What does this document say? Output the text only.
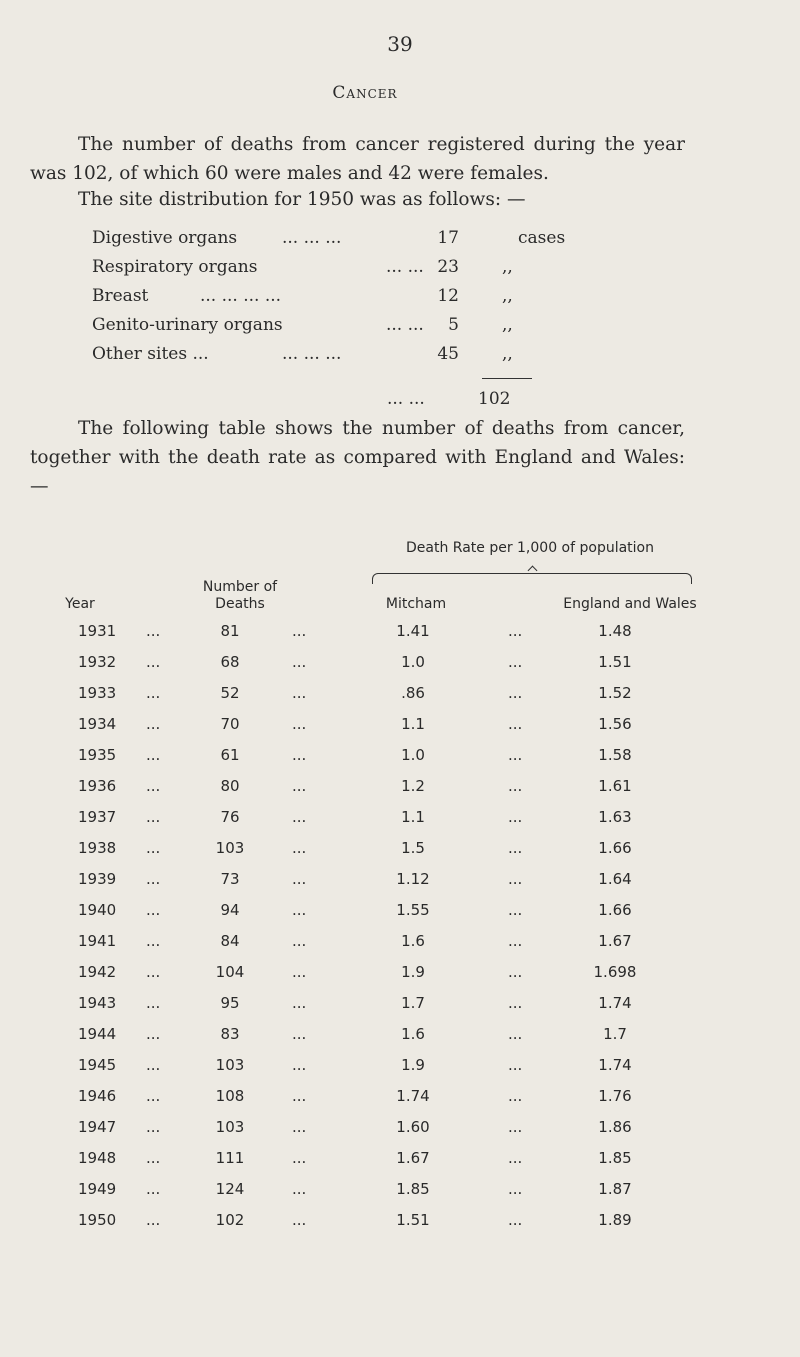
39
Cancer
The number of deaths from cancer registered during the year was 102, of which 60 were males and 42 were females.
The site distribution for 1950 was as follows: —
Digestive organs	... ... ...	17	cases
Respiratory organs	... ... 23	,,
Breast	... ... ... ...	12	,,
Genito-urinary organs	... ... 5	,,
Other sites ...	... ... ...	45	,,
... ...	102
The following table shows the number of deaths from cancer, together with the death rate as compared with England and Wales: —
Death Rate per 1,000 of population
Year
Number of Deaths	Mitcham	England and Wales
1931 ...	81	...	1.41	...	1.48
1932 ...	68	...	1.0	...	1.51
1933 ...	52	...	.86	...	1.52
1934 ...	70	...	1.1	...	1.56
1935 ...	61	...	1.0	...	1.58
1936 ...	80	...	1.2	...	1.61
1937 ...	76	...	1.1	...	1.63
1938 ...	103	...	1.5	...	1.66
1939 ...	73	...	1.12	...	1.64
1940 ...	94	...	1.55	...	1.66
1941 ...	84	...	1.6	...	1.67
1942 ...	104	...	1.9	...	1.698
1943 ...	95	...	1.7	...	1.74
1944 ...	83	...	1.6	...	1.7
1945 ...	103	...	1.9	...	1.74
1946 ...	108	...	1.74	...	1.76
1947 ...	103	...	1.60	...	1.86
1948 ...	111	...	1.67	...	1.85
1949 ...	124	...	1.85	...	1.87
1950 ...	102	...	1.51	...	1.89
